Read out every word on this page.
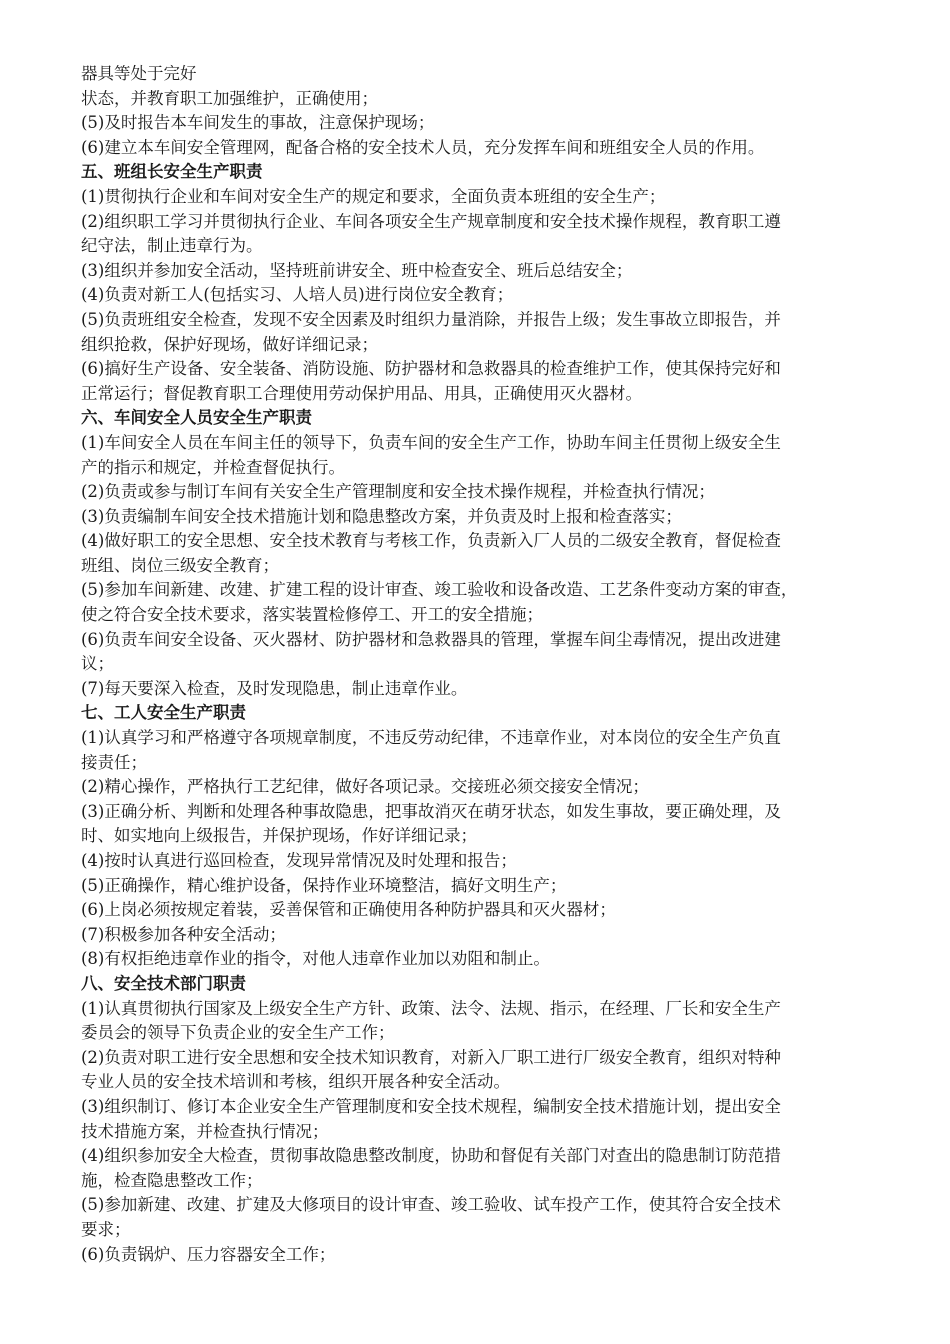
器具等处于完好
状态，并教育职工加强维护，正确使用；
(5)及时报告本车间发生的事故，注意保护现场；
(6)建立本车间安全管理网，配备合格的安全技术人员，充分发挥车间和班组安全人员的作用。
五、班组长安全生产职责
(1)贯彻执行企业和车间对安全生产的规定和要求，全面负责本班组的安全生产；
(2)组织职工学习并贯彻执行企业、车间各项安全生产规章制度和安全技术操作规程，教育职工遵
纪守法，制止违章行为。
(3)组织并参加安全活动，坚持班前讲安全、班中检查安全、班后总结安全；
(4)负责对新工人(包括实习、人培人员)进行岗位安全教育；
(5)负责班组安全检查，发现不安全因素及时组织力量消除，并报告上级；发生事故立即报告，并
组织抢救，保护好现场，做好详细记录；
(6)搞好生产设备、安全装备、消防设施、防护器材和急救器具的检查维护工作，使其保持完好和
正常运行；督促教育职工合理使用劳动保护用品、用具，正确使用灭火器材。
六、车间安全人员安全生产职责
(1)车间安全人员在车间主任的领导下，负责车间的安全生产工作，协助车间主任贯彻上级安全生
产的指示和规定，并检查督促执行。
(2)负责或参与制订车间有关安全生产管理制度和安全技术操作规程，并检查执行情况；
(3)负责编制车间安全技术措施计划和隐患整改方案，并负责及时上报和检查落实；
(4)做好职工的安全思想、安全技术教育与考核工作，负责新入厂人员的二级安全教育，督促检查
班组、岗位三级安全教育；
(5)参加车间新建、改建、扩建工程的设计审查、竣工验收和设备改造、工艺条件变动方案的审查，
使之符合安全技术要求，落实装置检修停工、开工的安全措施；
(6)负责车间安全设备、灭火器材、防护器材和急救器具的管理，掌握车间尘毒情况，提出改进建
议；
(7)每天要深入检查，及时发现隐患，制止违章作业。
七、工人安全生产职责
(1)认真学习和严格遵守各项规章制度，不违反劳动纪律，不违章作业，对本岗位的安全生产负直
接责任；
(2)精心操作，严格执行工艺纪律，做好各项记录。交接班必须交接安全情况；
(3)正确分析、判断和处理各种事故隐患，把事故消灭在萌牙状态，如发生事故，要正确处理，及
时、如实地向上级报告，并保护现场，作好详细记录；
(4)按时认真进行巡回检查，发现异常情况及时处理和报告；
(5)正确操作，精心维护设备，保持作业环境整洁，搞好文明生产；
(6)上岗必须按规定着装，妥善保管和正确使用各种防护器具和灭火器材；
(7)积极参加各种安全活动；
(8)有权拒绝违章作业的指令，对他人违章作业加以劝阻和制止。
八、安全技术部门职责
(1)认真贯彻执行国家及上级安全生产方针、政策、法令、法规、指示，在经理、厂长和安全生产
委员会的领导下负责企业的安全生产工作；
(2)负责对职工进行安全思想和安全技术知识教育，对新入厂职工进行厂级安全教育，组织对特种
专业人员的安全技术培训和考核，组织开展各种安全活动。
(3)组织制订、修订本企业安全生产管理制度和安全技术规程，编制安全技术措施计划，提出安全
技术措施方案，并检查执行情况；
(4)组织参加安全大检查，贯彻事故隐患整改制度，协助和督促有关部门对查出的隐患制订防范措
施，检查隐患整改工作；
(5)参加新建、改建、扩建及大修项目的设计审查、竣工验收、试车投产工作，使其符合安全技术
要求；
(6)负责锅炉、压力容器安全工作；
